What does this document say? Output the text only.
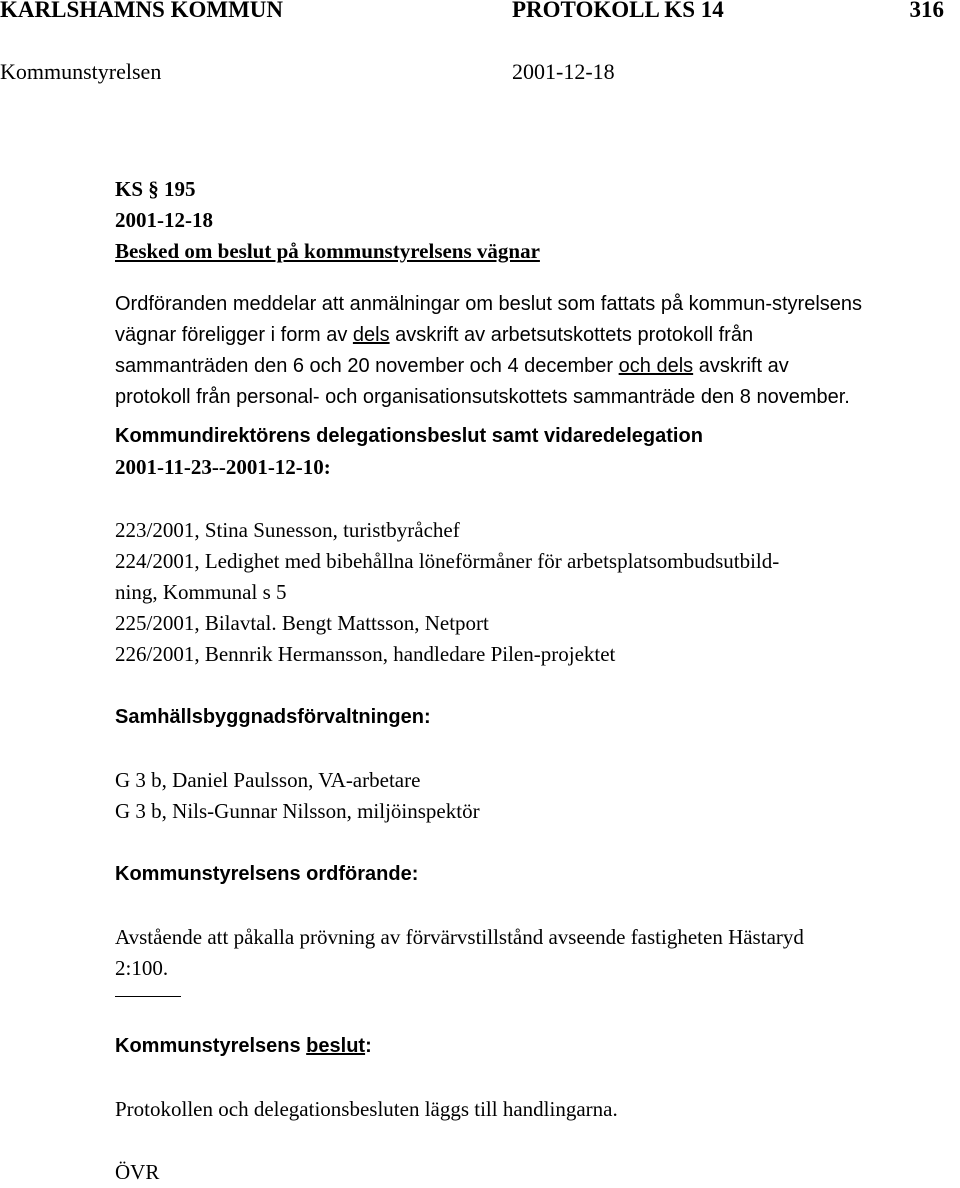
KARLSHAMNS KOMMUN	PROTOKOLL KS 14	316
Kommunstyrelsen	2001-12-18

KS § 195

2001-12-18

Besked om beslut på kommunstyrelsens vägnar

Ordföranden meddelar att anmälningar om beslut som fattats på kommun-styrelsens

vägnar föreligger i form av dels avskrift av arbetsutskottets protokoll från

sammanträden den 6 och 20 november och 4 december och dels avskrift av

protokoll från personal- och organisationsutskottets sammanträde den 8 november.

Kommundirektörens delegationsbeslut samt vidaredelegation

2001-11-23--2001-12-10:

223/2001, Stina Sunesson, turistbyråchef

224/2001, Ledighet med bibehållna löneförmåner för arbetsplatsombudsutbild-

ning, Kommunal s 5

225/2001, Bilavtal. Bengt Mattsson, Netport

226/2001, Bennrik Hermansson, handledare Pilen-projektet

Samhällsbyggnadsförvaltningen:

G 3 b, Daniel Paulsson, VA-arbetare

G 3 b, Nils-Gunnar Nilsson, miljöinspektör

Kommunstyrelsens ordförande:

Avstående att påkalla prövning av förvärvstillstånd avseende fastigheten Hästaryd

2:100.

Kommunstyrelsens beslut:

Protokollen och delegationsbesluten läggs till handlingarna.

ÖVR
